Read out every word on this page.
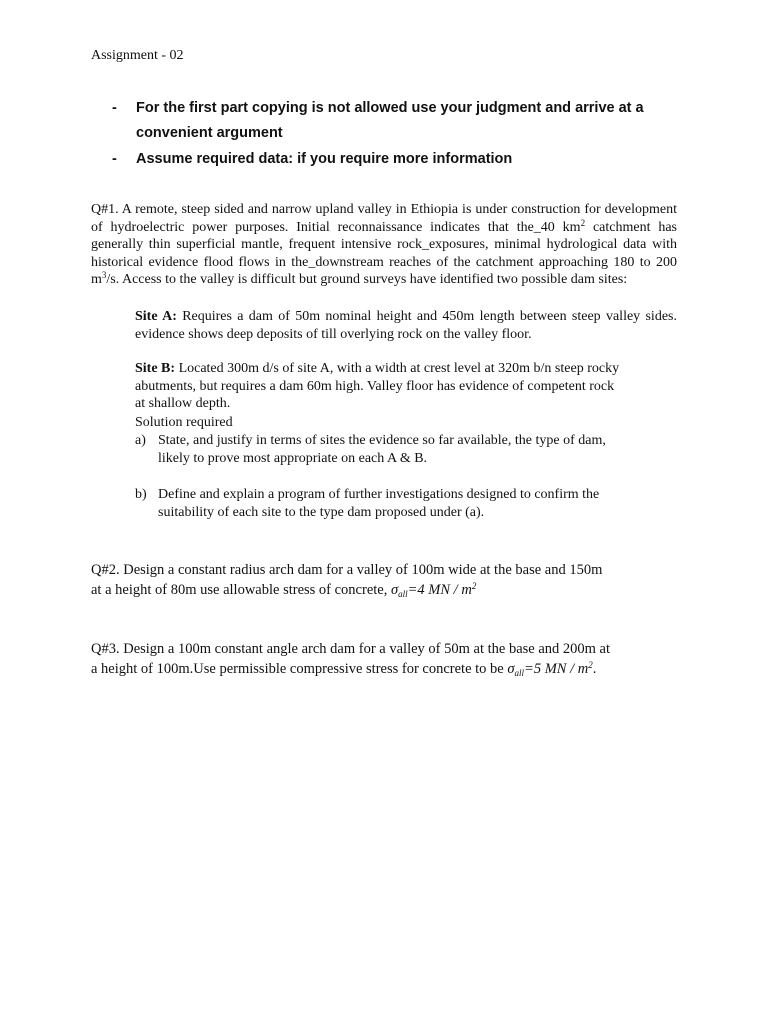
Assignment - 02
- For the first part copying is not allowed use your judgment and arrive at a
convenient argument
- Assume required data: if you require more information
Q#1. A remote, steep sided and narrow upland valley in Ethiopia is under construction for development of hydroelectric power purposes. Initial reconnaissance indicates that the_40 $km^2$ catchment has generally thin superficial mantle, frequent intensive rock_exposures, minimal hydrological data with historical evidence flood flows in the_downstream reaches of the catchment approaching 180 to 200 $m^3/s$. Access to the valley is difficult but ground surveys have identified two possible dam sites:
Site A: Requires a dam of 50m nominal height and 450m length between steep valley sides. evidence shows deep deposits of till overlying rock on the valley floor.
Site B: Located 300m d/s of site A, with a width at crest level at 320m b/n steep rocky
abutments, but requires a dam 60m high. Valley floor has evidence of competent rock
at shallow depth.
Solution required
a) State, and justify in terms of sites the evidence so far available, the type of dam,
likely to prove most appropriate on each A & B.
b) Define and explain a program of further investigations designed to confirm the
suitability of each site to the type dam proposed under (a).
Q#2. Design a constant radius arch dam for a valley of 100m wide at the base and 150m
at a height of 80m use allowable stress of concrete, $\sigma_{all}=4$ MN / $m^2$
Q#3. Design a 100m constant angle arch dam for a valley of 50m at the base and 200m at
a height of 100m.Use permissible compressive stress for concrete to be $\sigma_{all}=5$ MN / $m^2$.
